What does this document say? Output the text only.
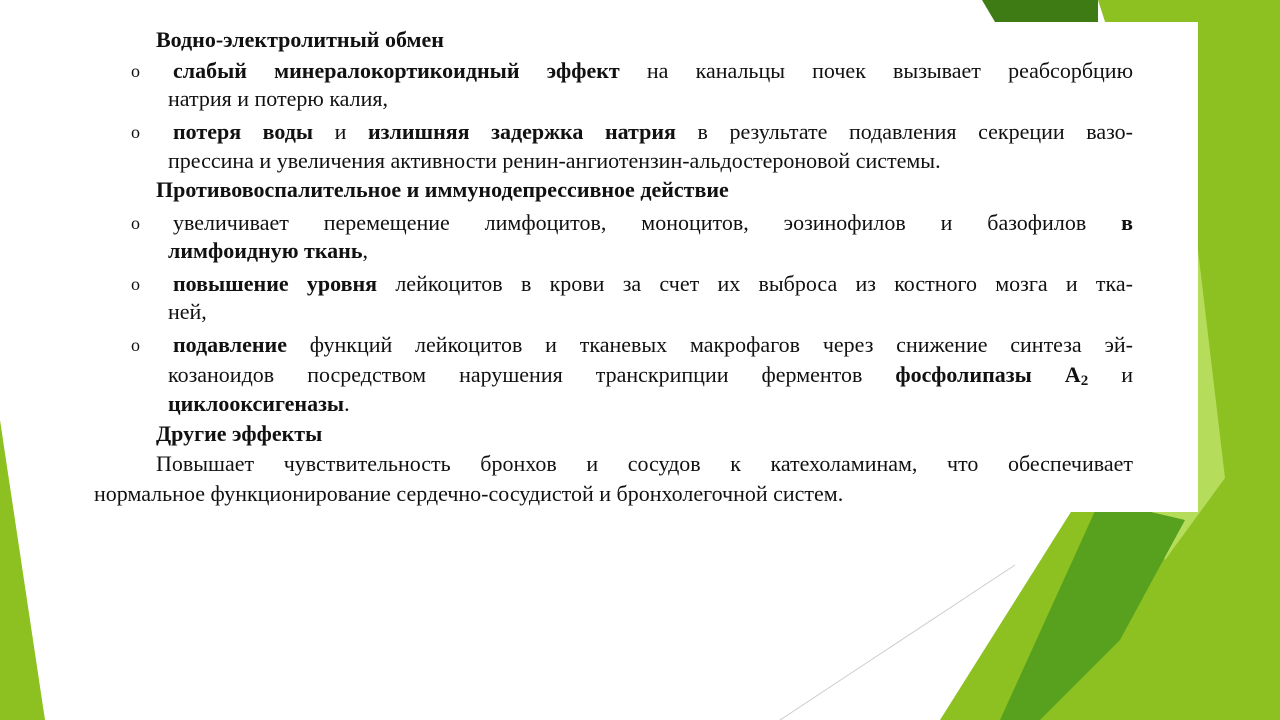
Водно-электролитный обмен
o слабый минералокортикоидный эффект на канальцы почек вызывает реабсорбцию
натрия и потерю калия,
o потеря воды и излишняя задержка натрия в результате подавления секреции вазо-
прессина и увеличения активности ренин-ангиотензин-альдостероновой системы.
Противовоспалительное и иммунодепрессивное действие
o увеличивает перемещение лимфоцитов, моноцитов, эозинофилов и базофилов в
лимфоидную ткань,
o повышение уровня лейкоцитов в крови за счет их выброса из костного мозга и тка-
ней,
o подавление функций лейкоцитов и тканевых макрофагов через снижение синтеза эй-
козаноидов посредством нарушения транскрипции ферментов фосфолипазы $А_2$ и
циклооксигеназы.
Другие эффекты
Повышает чувствительность бронхов и сосудов к катехоламинам, что обеспечивает
нормальное функционирование сердечно-сосудистой и бронхолегочной систем.
